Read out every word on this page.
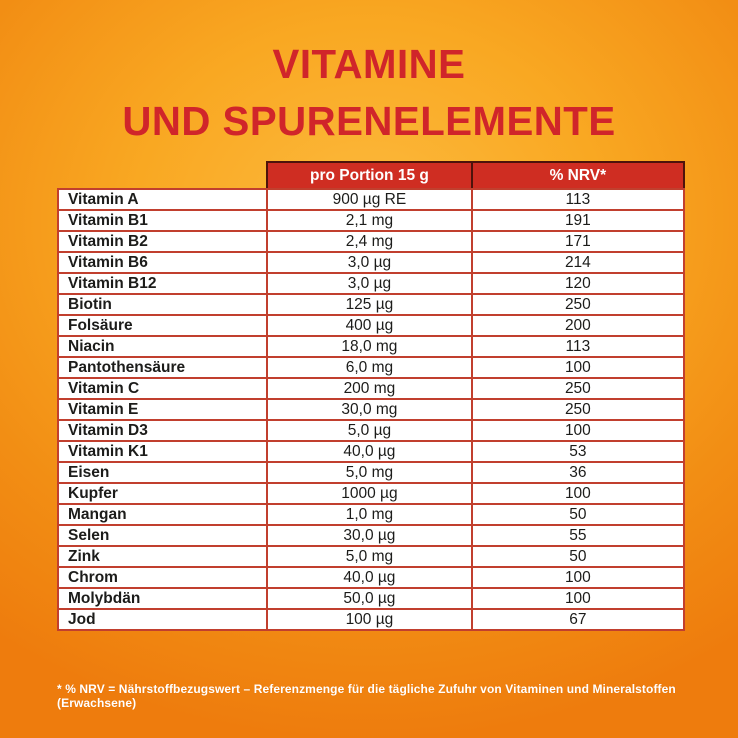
VITAMINE
UND SPURENELEMENTE
	pro Portion 15 g	% NRV*
Vitamin A	900 µg RE	113
Vitamin B1	2,1 mg	191
Vitamin B2	2,4 mg	171
Vitamin B6	3,0 µg	214
Vitamin B12	3,0 µg	120
Biotin	125 µg	250
Folsäure	400 µg	200
Niacin	18,0 mg	113
Pantothensäure	6,0 mg	100
Vitamin C	200 mg	250
Vitamin E	30,0 mg	250
Vitamin D3	5,0 µg	100
Vitamin K1	40,0 µg	53
Eisen	5,0 mg	36
Kupfer	1000 µg	100
Mangan	1,0 mg	50
Selen	30,0 µg	55
Zink	5,0 mg	50
Chrom	40,0 µg	100
Molybdän	50,0 µg	100
Jod	100 µg	67
* % NRV = Nährstoffbezugswert – Referenzmenge für die tägliche Zufuhr von Vitaminen und Mineralstoffen (Erwachsene)
